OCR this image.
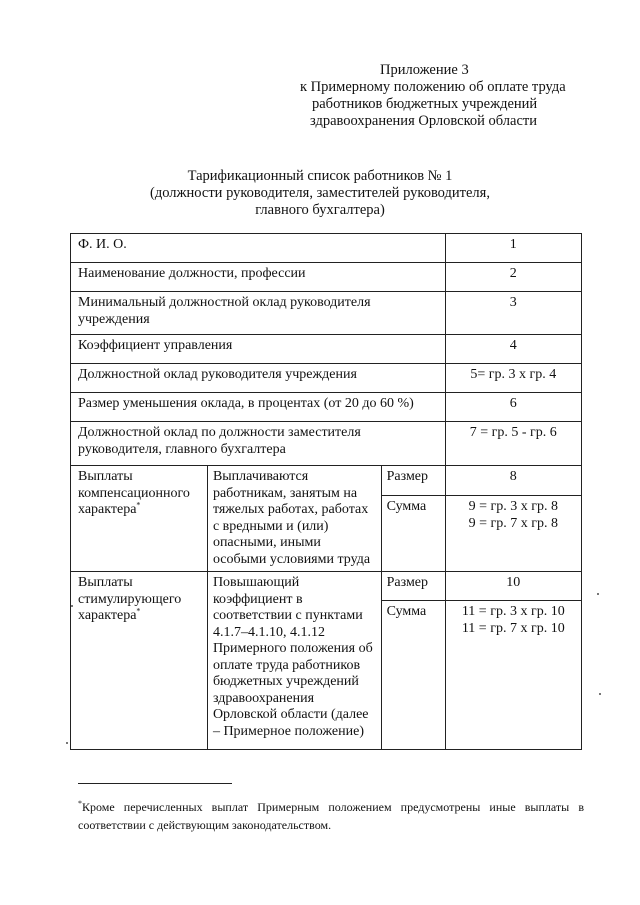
Приложение 3
к Примерному положению об оплате труда
работников бюджетных учреждений
здравоохранения Орловской области
Тарификационный список работников № 1
(должности руководителя, заместителей руководителя,
главного бухгалтера)
Ф. И. О.			1
Наименование должности, профессии			2
Минимальный должностной оклад руководителя учреждения			3
Коэффициент управления			4
Должностной оклад руководителя учреждения			5= гр. 3 х гр. 4
Размер уменьшения оклада, в процентах (от 20 до 60 %)			6
Должностной оклад по должности заместителя руководителя, главного бухгалтера			7 = гр. 5 - гр. 6
Выплаты компенсационного характера*	Выплачиваются работникам, занятым на тяжелых работах, работах с вредными и (или) опасными, иными особыми условиями труда	Размер	8
		Сумма	9 = гр. 3 х гр. 8
9 = гр. 7 х гр. 8

Выплаты стимулирующего характера*	Повышающий коэффициент в соответствии с пунктами 4.1.7–4.1.10, 4.1.12 Примерного положения об оплате труда работников бюджетных учреждений здравоохранения Орловской области (далее – Примерное положение)	Размер	10
		Сумма	11 = гр. 3 х гр. 10
11 = гр. 7 х гр. 10
*Кроме перечисленных выплат Примерным положением предусмотрены иные выплаты в соответствии с действующим законодательством.
